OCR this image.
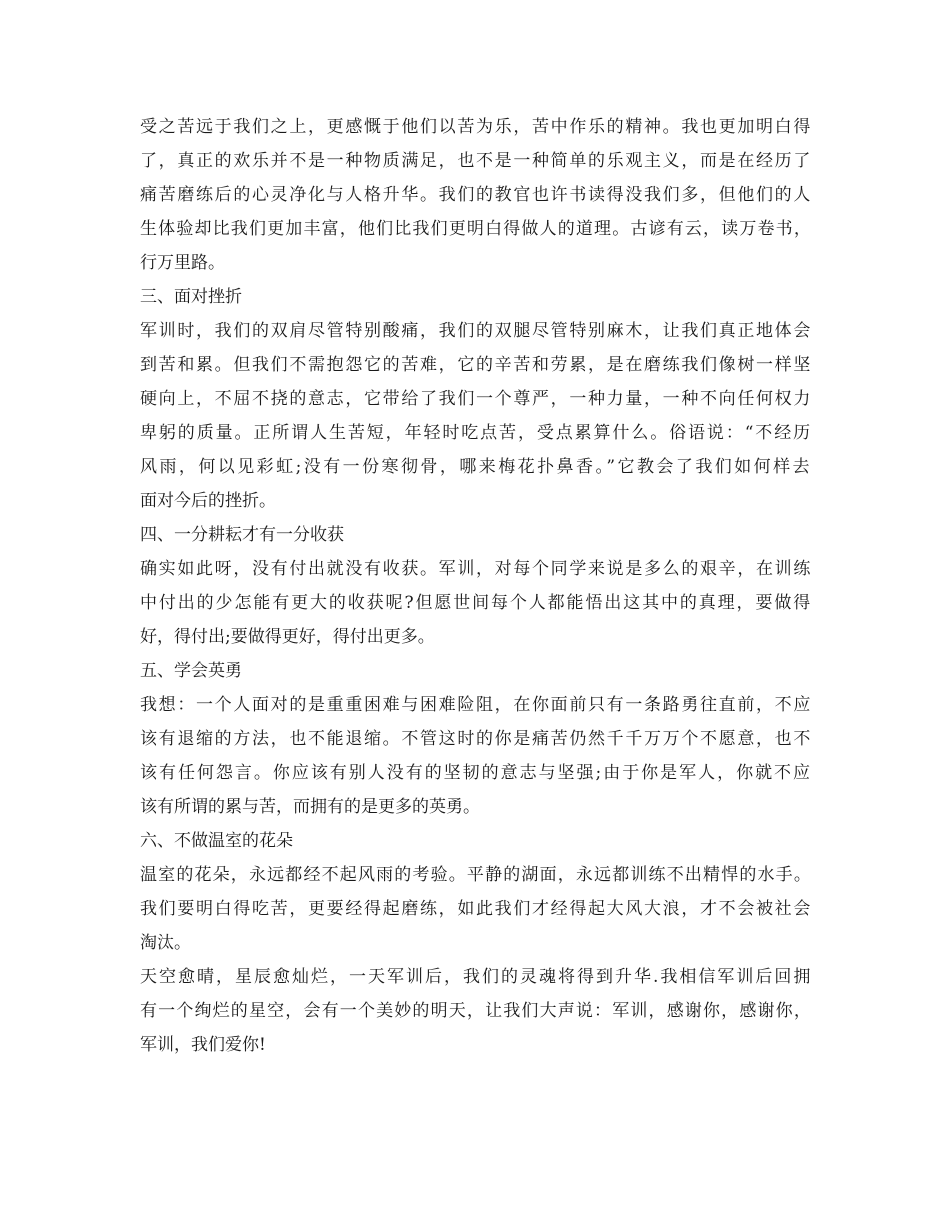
受之苦远于我们之上，更感慨于他们以苦为乐，苦中作乐的精神。我也更加明白得

了，真正的欢乐并不是一种物质满足，也不是一种简单的乐观主义，而是在经历了

痛苦磨练后的心灵净化与人格升华。我们的教官也许书读得没我们多，但他们的人

生体验却比我们更加丰富，他们比我们更明白得做人的道理。古谚有云，读万卷书，

行万里路。

三、面对挫折

军训时，我们的双肩尽管特别酸痛，我们的双腿尽管特别麻木，让我们真正地体会

到苦和累。但我们不需抱怨它的苦难，它的辛苦和劳累，是在磨练我们像树一样坚

硬向上，不屈不挠的意志，它带给了我们一个尊严，一种力量，一种不向任何权力

卑躬的质量。正所谓人生苦短，年轻时吃点苦，受点累算什么。俗语说：“不经历

风雨，何以见彩虹;没有一份寒彻骨，哪来梅花扑鼻香。”它教会了我们如何样去

面对今后的挫折。

四、一分耕耘才有一分收获

确实如此呀，没有付出就没有收获。军训，对每个同学来说是多么的艰辛，在训练

中付出的少怎能有更大的收获呢?但愿世间每个人都能悟出这其中的真理，要做得

好，得付出;要做得更好，得付出更多。

五、学会英勇

我想：一个人面对的是重重困难与困难险阻，在你面前只有一条路勇往直前，不应

该有退缩的方法，也不能退缩。不管这时的你是痛苦仍然千千万万个不愿意，也不

该有任何怨言。你应该有别人没有的坚韧的意志与坚强;由于你是军人，你就不应

该有所谓的累与苦，而拥有的是更多的英勇。

六、不做温室的花朵

温室的花朵，永远都经不起风雨的考验。平静的湖面，永远都训练不出精悍的水手。

我们要明白得吃苦，更要经得起磨练，如此我们才经得起大风大浪，才不会被社会

淘汰。

天空愈晴，星辰愈灿烂，一天军训后，我们的灵魂将得到升华.我相信军训后回拥

有一个绚烂的星空，会有一个美妙的明天，让我们大声说：军训，感谢你，感谢你，

军训，我们爱你!
